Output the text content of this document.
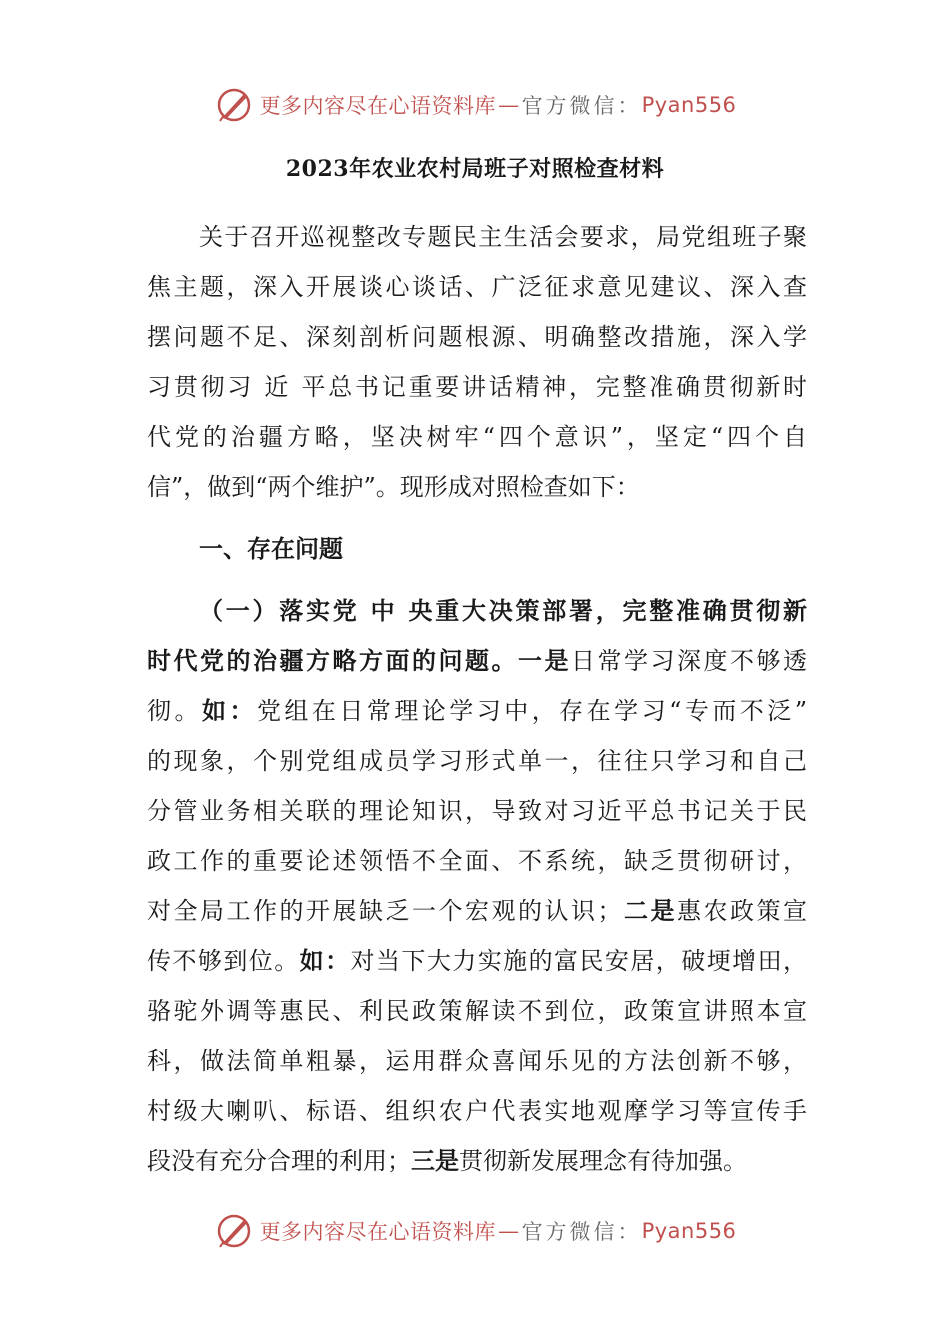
更多内容尽在心语资料库 — 官方微信： Pyan556
2023年农业农村局班子对照检查材料
关于召开巡视整改专题民主生活会要求，局党组班子聚
焦主题，深入开展谈心谈话、广泛征求意见建议、深入查
摆问题不足、深刻剖析问题根源、明确整改措施，深入学
习贯彻习 近 平总书记重要讲话精神，完整准确贯彻新时
代党的治疆方略，坚决树牢“四个意识”，坚定“四个自
信”，做到“两个维护”。现形成对照检查如下：
一、存在问题
（一）落实党 中 央重大决策部署，完整准确贯彻新
时代党的治疆方略方面的问题。一是日常学习深度不够透
彻。如：党组在日常理论学习中，存在学习“专而不泛”
的现象，个别党组成员学习形式单一，往往只学习和自己
分管业务相关联的理论知识，导致对习近平总书记关于民
政工作的重要论述领悟不全面、不系统，缺乏贯彻研讨，
对全局工作的开展缺乏一个宏观的认识；二是惠农政策宣
传不够到位。如：对当下大力实施的富民安居，破埂增田，
骆驼外调等惠民、利民政策解读不到位，政策宣讲照本宣
科，做法简单粗暴，运用群众喜闻乐见的方法创新不够，
村级大喇叭、标语、组织农户代表实地观摩学习等宣传手
段没有充分合理的利用；三是贯彻新发展理念有待加强。
更多内容尽在心语资料库 — 官方微信： Pyan556
